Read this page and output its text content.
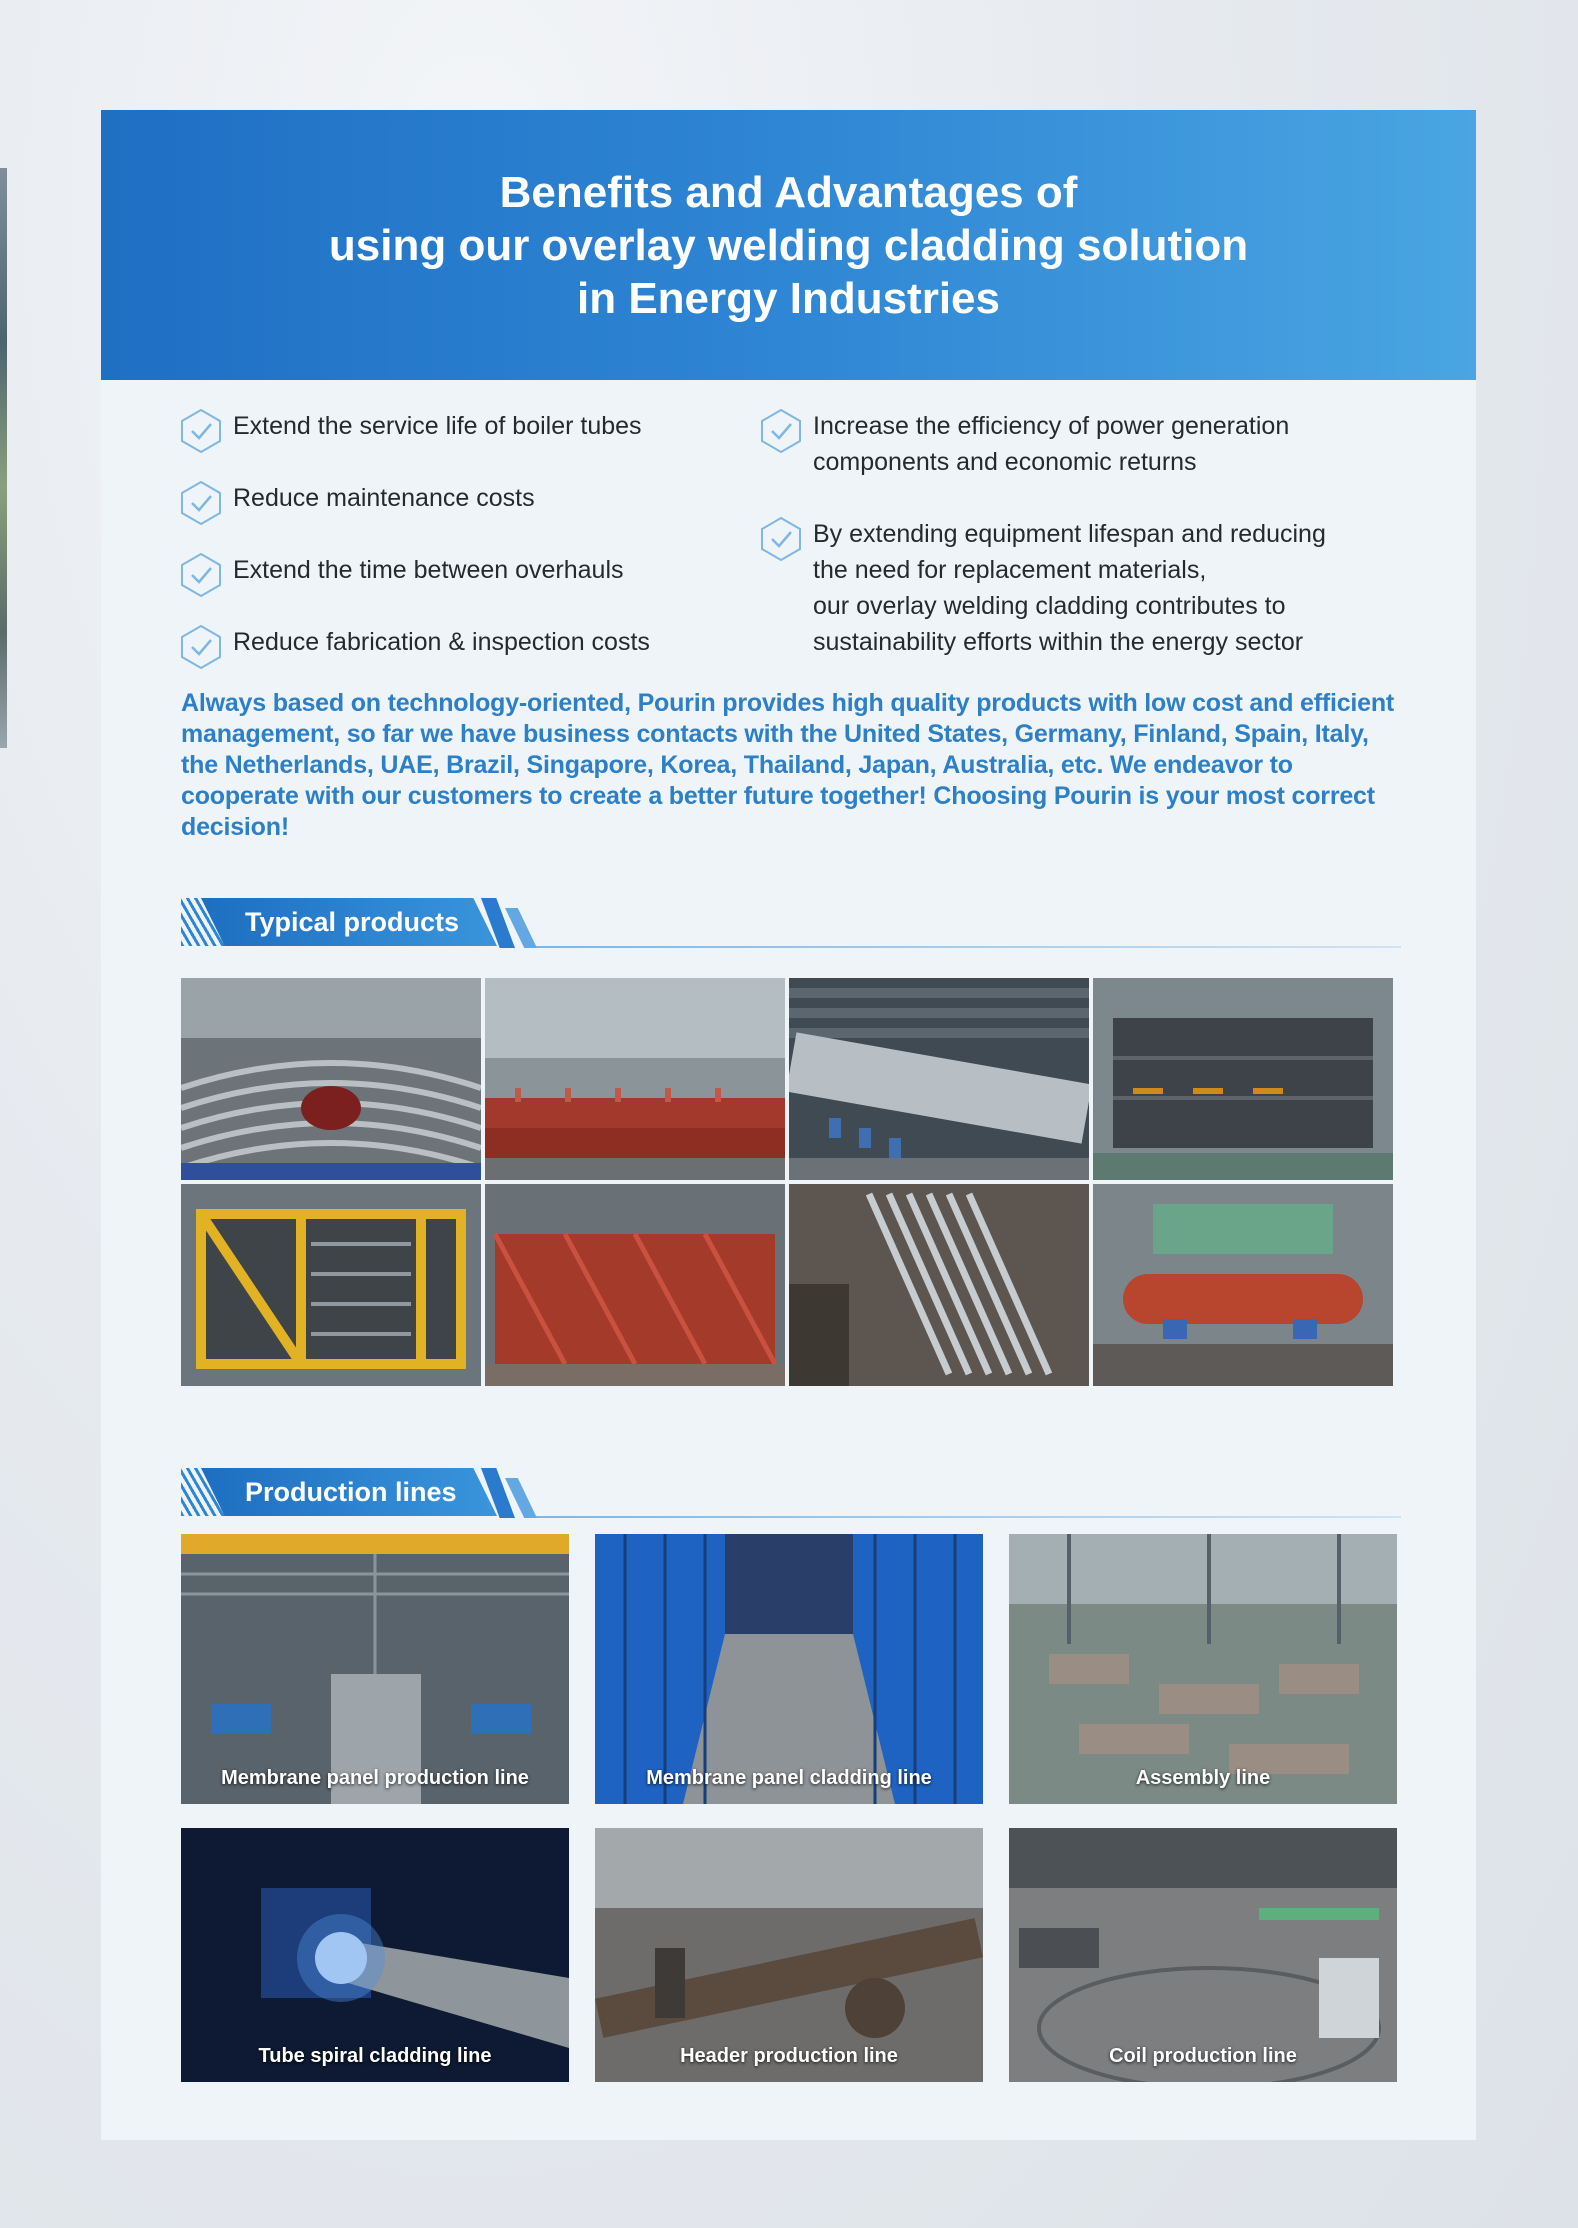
Benefits and Advantages of
using our overlay welding cladding solution
in Energy Industries
Extend the service life of boiler tubes
Reduce maintenance costs
Extend the time between overhauls
Reduce fabrication & inspection costs
Increase the efficiency of power generation
components and economic returns
By extending equipment lifespan and reducing
the need for replacement materials,
our overlay welding cladding contributes to
sustainability efforts within the energy sector

Always based on technology-oriented, Pourin provides high quality products with low cost and efficient management, so far we have business contacts with the United States, Germany, Finland, Spain, Italy, the Netherlands, UAE, Brazil, Singapore, Korea, Thailand, Japan, Australia, etc. We endeavor to cooperate with our customers to create a better future together! Choosing Pourin is your most correct decision!

Typical products
Production lines
Membrane panel production line	Membrane panel cladding line	Assembly line
Tube spiral cladding line	Header production line	Coil production line
